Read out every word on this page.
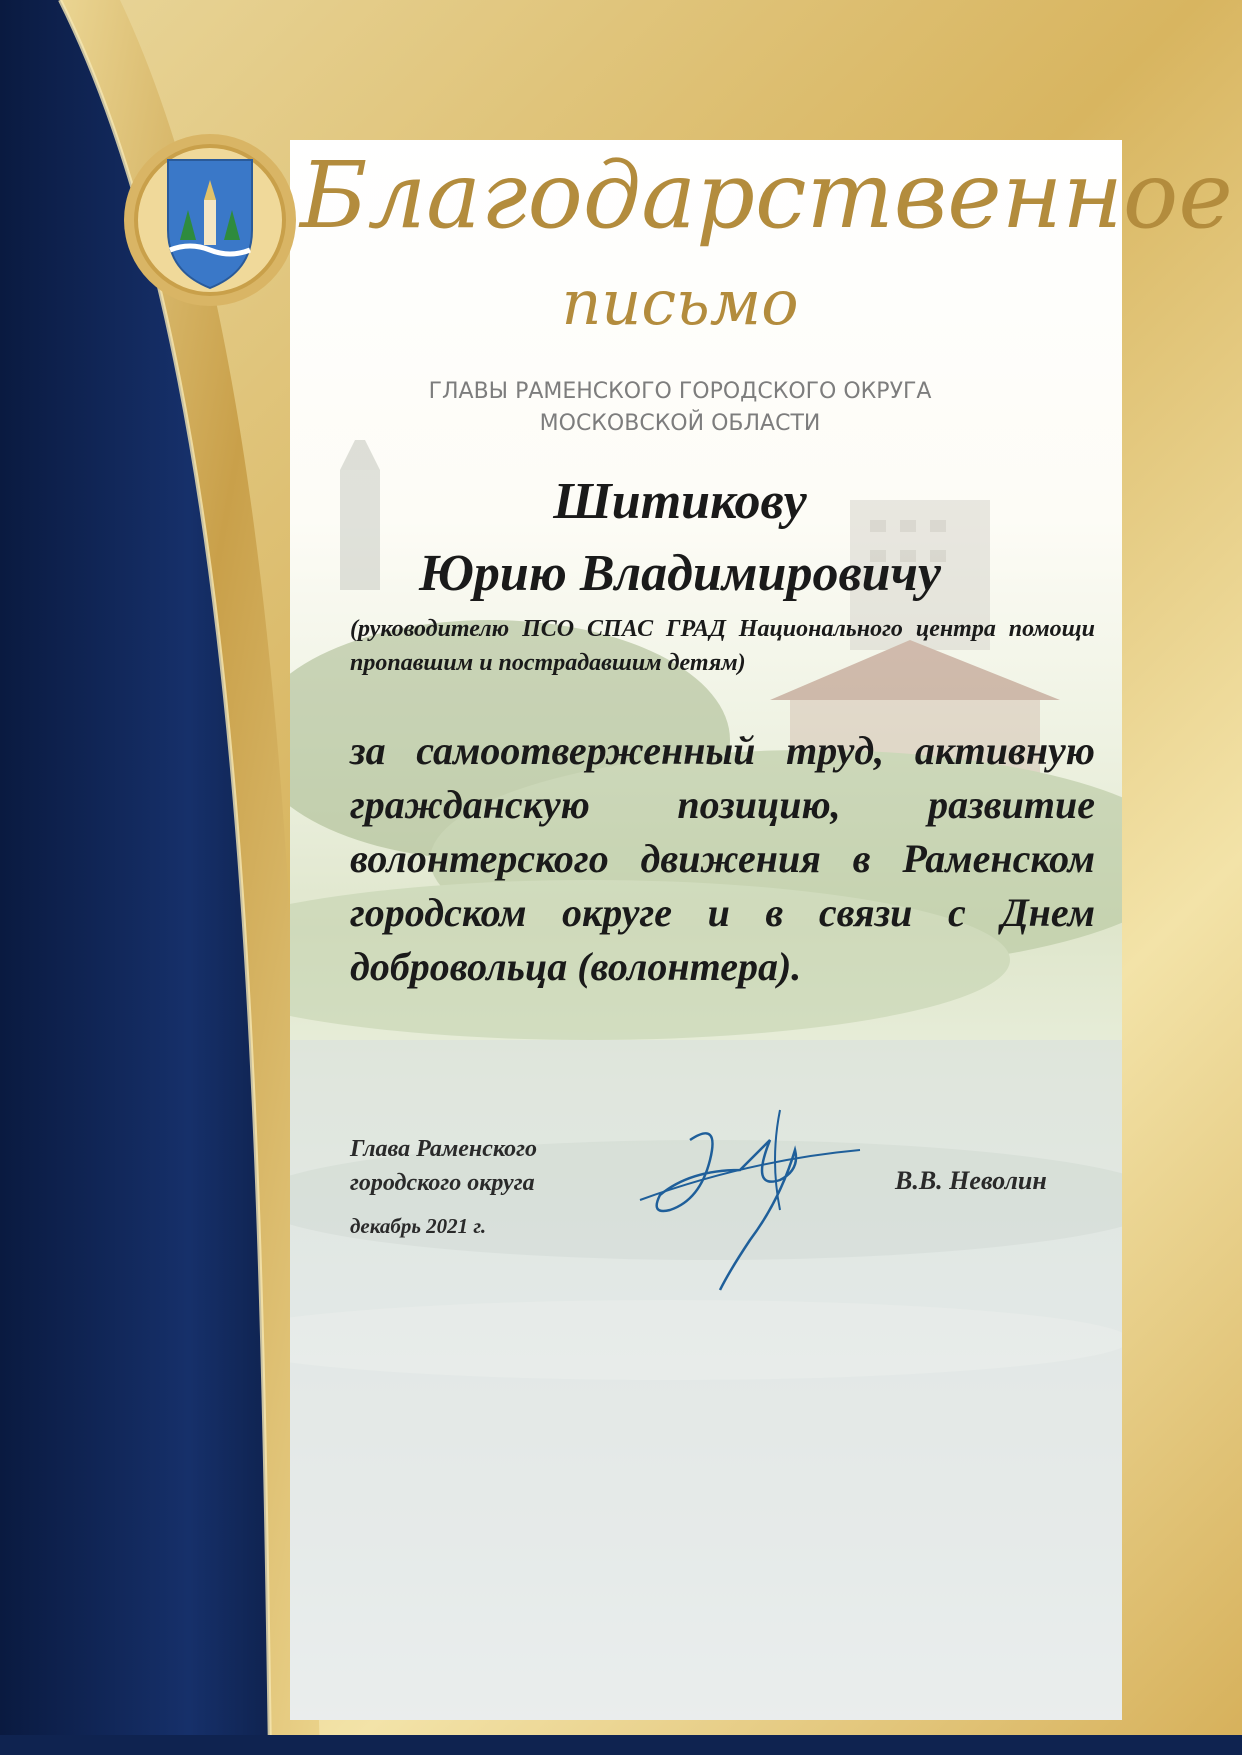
Благодарственное

письмо

ГЛАВЫ РАМЕНСКОГО ГОРОДСКОГО ОКРУГА
МОСКОВСКОЙ ОБЛАСТИ

Шитикову

Юрию Владимировичу

(руководителю ПСО СПАС ГРАД Национального центра помощи пропавшим и пострадавшим детям)

за самоотверженный труд, активную гражданскую позицию, развитие волонтерского движения в Раменском городском округе и в связи с Днем добровольца (волонтера).

Глава Раменского
городского округа

декабрь 2021 г.

В.В. Неволин
